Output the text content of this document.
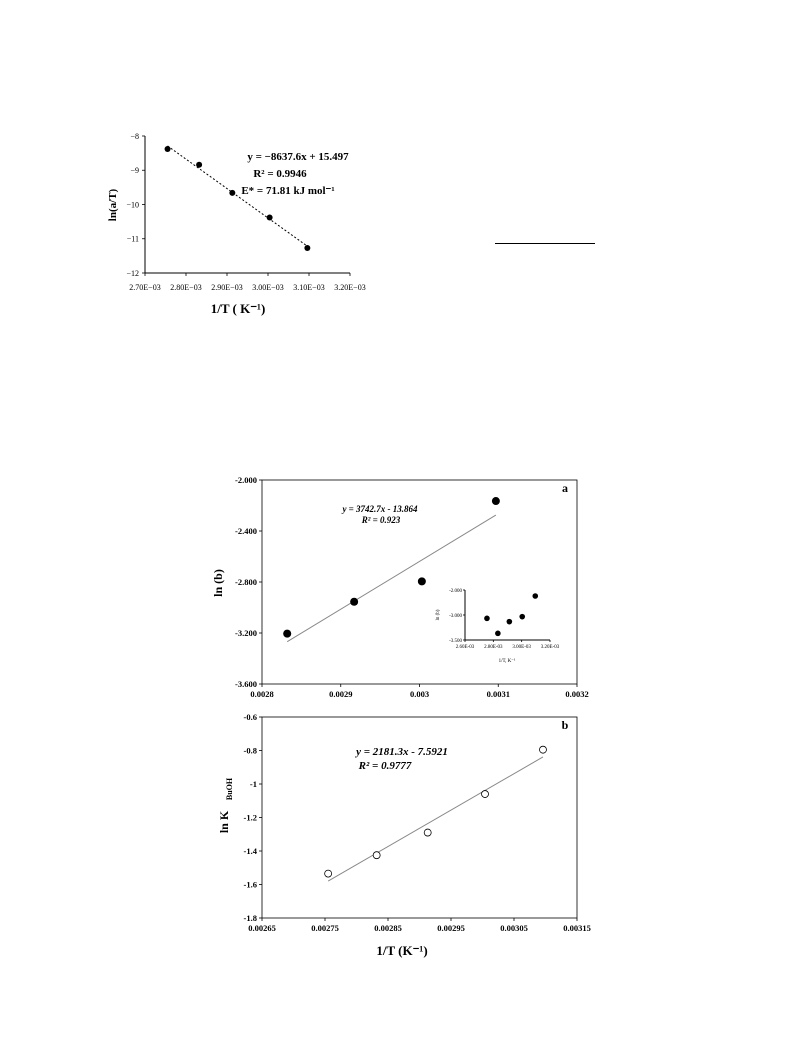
2.70E−03 2.80E−03 2.90E−03 3.00E−03 3.10E−03 3.20E−03
−8
−9
−10
−11
−12
1/T ( K⁻¹)
ln(a/T)
y = −8637.6x + 15.497
R² = 0.9946
E* = 71.81 kJ mol⁻¹
0.0028	0.0029	0.003	0.0031	0.0032
-2.000
-2.400
-2.800
-3.200
-3.600
a
ln (b)
y = 3742.7x - 13.864
R² = 0.923
2.60E-03 2.80E-03 3.00E-03 3.20E-03
-2.000
-3.000
-3.500
1/T, K⁻¹
ln (b)
0.00265	0.00275	0.00285	0.00295	0.00305	0.00315
-0.6
-0.8
-1
-1.2
-1.4
-1.6
-1.8
b
1/T (K⁻¹)
ln K
BuOH
y = 2181.3x - 7.5921
R² = 0.9777
